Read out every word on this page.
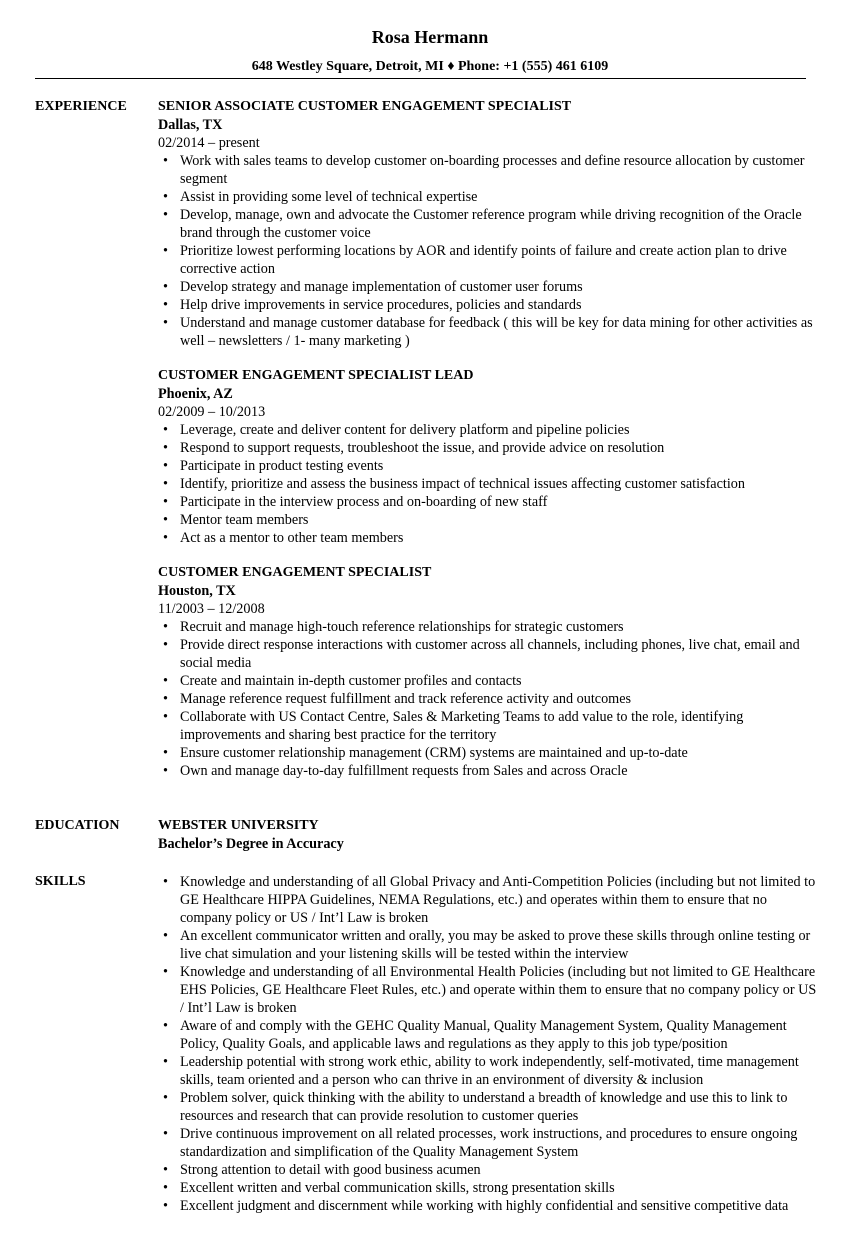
Rosa Hermann
648 Westley Square, Detroit, MI ♦ Phone: +1 (555) 461 6109
EXPERIENCE	SENIOR ASSOCIATE CUSTOMER ENGAGEMENT SPECIALIST
Dallas, TX
02/2014 – present
• Work with sales teams to develop customer on-boarding processes and define resource allocation by customer segment
• Assist in providing some level of technical expertise
• Develop, manage, own and advocate the Customer reference program while driving recognition of the Oracle brand through the customer voice
• Prioritize lowest performing locations by AOR and identify points of failure and create action plan to drive corrective action
• Develop strategy and manage implementation of customer user forums
• Help drive improvements in service procedures, policies and standards
• Understand and manage customer database for feedback ( this will be key for data mining for other activities as well – newsletters / 1- many marketing )
CUSTOMER ENGAGEMENT SPECIALIST LEAD
Phoenix, AZ
02/2009 – 10/2013
• Leverage, create and deliver content for delivery platform and pipeline policies
• Respond to support requests, troubleshoot the issue, and provide advice on resolution
• Participate in product testing events
• Identify, prioritize and assess the business impact of technical issues affecting customer satisfaction
• Participate in the interview process and on-boarding of new staff
• Mentor team members
• Act as a mentor to other team members
CUSTOMER ENGAGEMENT SPECIALIST
Houston, TX
11/2003 – 12/2008
• Recruit and manage high-touch reference relationships for strategic customers
• Provide direct response interactions with customer across all channels, including phones, live chat, email and social media
• Create and maintain in-depth customer profiles and contacts
• Manage reference request fulfillment and track reference activity and outcomes
• Collaborate with US Contact Centre, Sales & Marketing Teams to add value to the role, identifying improvements and sharing best practice for the territory
• Ensure customer relationship management (CRM) systems are maintained and up-to-date
• Own and manage day-to-day fulfillment requests from Sales and across Oracle
EDUCATION	WEBSTER UNIVERSITY
Bachelor’s Degree in Accuracy
SKILLS
•	Knowledge and understanding of all Global Privacy and Anti-Competition Policies (including but not limited to GE Healthcare HIPPA Guidelines, NEMA Regulations, etc.) and operates within them to ensure that no company policy or US / Int’l Law is broken
• An excellent communicator written and orally, you may be asked to prove these skills through online testing or live chat simulation and your listening skills will be tested within the interview
• Knowledge and understanding of all Environmental Health Policies (including but not limited to GE Healthcare EHS Policies, GE Healthcare Fleet Rules, etc.) and operate within them to ensure that no company policy or US / Int’l Law is broken
• Aware of and comply with the GEHC Quality Manual, Quality Management System, Quality Management Policy, Quality Goals, and applicable laws and regulations as they apply to this job type/position
• Leadership potential with strong work ethic, ability to work independently, self-motivated, time management skills, team oriented and a person who can thrive in an environment of diversity & inclusion
• Problem solver, quick thinking with the ability to understand a breadth of knowledge and use this to link to resources and research that can provide resolution to customer queries
• Drive continuous improvement on all related processes, work instructions, and procedures to ensure ongoing standardization and simplification of the Quality Management System
• Strong attention to detail with good business acumen
• Excellent written and verbal communication skills, strong presentation skills
• Excellent judgment and discernment while working with highly confidential and sensitive competitive data
